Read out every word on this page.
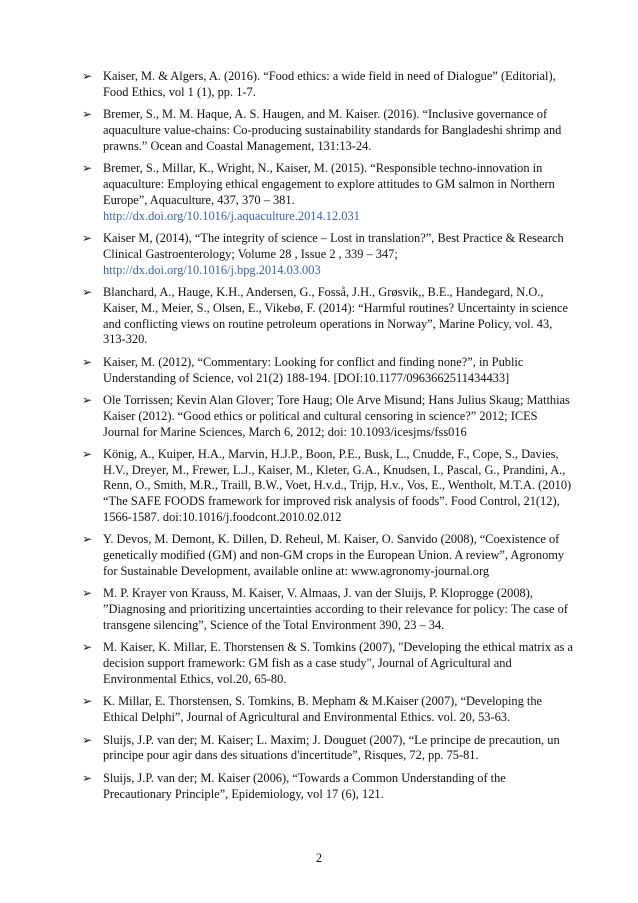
➢ Kaiser, M. & Algers, A. (2016). “Food ethics: a wide field in need of Dialogue” (Editorial), Food Ethics, vol 1 (1), pp. 1-7.
➢ Bremer, S., M. M. Haque, A. S. Haugen, and M. Kaiser. (2016). “Inclusive governance of aquaculture value-chains: Co-producing sustainability standards for Bangladeshi shrimp and prawns.” Ocean and Coastal Management, 131:13-24.
➢ Bremer, S., Millar, K., Wright, N., Kaiser, M. (2015). “Responsible techno-innovation in aquaculture: Employing ethical engagement to explore attitudes to GM salmon in Northern Europe”, Aquaculture, 437, 370 – 381.
http://dx.doi.org/10.1016/j.aquaculture.2014.12.031
➢ Kaiser M, (2014), “The integrity of science – Lost in translation?”, Best Practice & Research Clinical Gastroenterology; Volume 28 , Issue 2 , 339 – 347;
http://dx.doi.org/10.1016/j.bpg.2014.03.003
➢ Blanchard, A., Hauge, K.H., Andersen, G., Fosså, J.H., Grøsvik,, B.E., Handegard, N.O., Kaiser, M., Meier, S., Olsen, E., Vikebø, F. (2014): “Harmful routines? Uncertainty in science and conflicting views on routine petroleum operations in Norway”, Marine Policy, vol. 43, 313-320.
➢ Kaiser, M. (2012), “Commentary: Looking for conflict and finding none?”, in Public Understanding of Science, vol 21(2) 188-194. [DOI:10.1177/0963662511434433]
➢ Ole Torrissen; Kevin Alan Glover; Tore Haug; Ole Arve Misund; Hans Julius Skaug; Matthias Kaiser (2012). “Good ethics or political and cultural censoring in science?” 2012; ICES Journal for Marine Sciences, March 6, 2012; doi: 10.1093/icesjms/fss016
➢ König, A., Kuiper, H.A., Marvin, H.J.P., Boon, P.E., Busk, L., Cnudde, F., Cope, S., Davies, H.V., Dreyer, M., Frewer, L.J., Kaiser, M., Kleter, G.A., Knudsen, I., Pascal, G., Prandini, A., Renn, O., Smith, M.R., Traill, B.W., Voet, H.v.d., Trijp, H.v., Vos, E., Wentholt, M.T.A. (2010) “The SAFE FOODS framework for improved risk analysis of foods”. Food Control, 21(12), 1566-1587. doi:10.1016/j.foodcont.2010.02.012
➢ Y. Devos, M. Demont, K. Dillen, D. Reheul, M. Kaiser, O. Sanvido (2008), “Coexistence of genetically modified (GM) and non-GM crops in the European Union. A review”, Agronomy for Sustainable Development, available online at: www.agronomy-journal.org
➢ M. P. Krayer von Krauss, M. Kaiser, V. Almaas, J. van der Sluijs, P. Kloprogge (2008), ”Diagnosing and prioritizing uncertainties according to their relevance for policy: The case of transgene silencing”, Science of the Total Environment 390, 23 – 34.
➢ M. Kaiser, K. Millar, E. Thorstensen & S. Tomkins (2007), "Developing the ethical matrix as a decision support framework: GM fish as a case study", Journal of Agricultural and Environmental Ethics, vol.20, 65-80.
➢ K. Millar, E. Thorstensen, S. Tomkins, B. Mepham & M.Kaiser (2007), “Developing the Ethical Delphi”, Journal of Agricultural and Environmental Ethics. vol. 20, 53-63.
➢ Sluijs, J.P. van der; M. Kaiser; L. Maxim; J. Douguet (2007), “Le principe de precaution, un principe pour agir dans des situations d'incertitude”, Risques, 72, pp. 75-81.
➢ Sluijs, J.P. van der; M. Kaiser (2006), “Towards a Common Understanding of the Precautionary Principle”, Epidemiology, vol 17 (6), 121.
2
